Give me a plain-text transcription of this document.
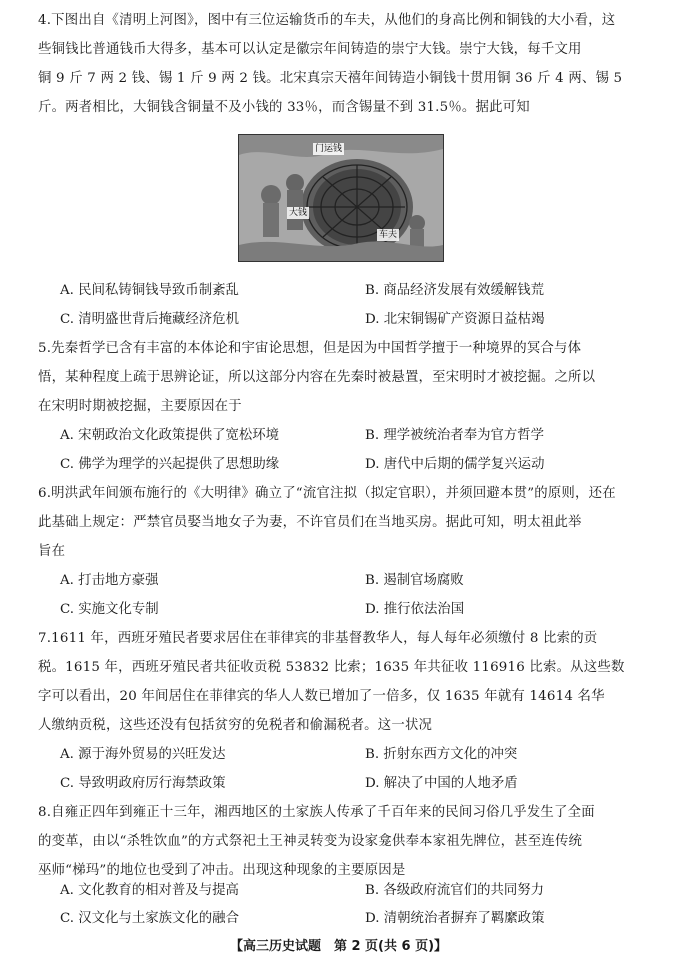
4.下图出自《清明上河图》，图中有三位运输货币的车夫，从他们的身高比例和铜钱的大小看，这
些铜钱比普通钱币大得多，基本可以认定是徽宗年间铸造的崇宁大钱。崇宁大钱，每千文用
铜 9 斤 7 两 2 钱、锡 1 斤 9 两 2 钱。北宋真宗天禧年间铸造小铜钱十贯用铜 36 斤 4 两、锡 5
斤。两者相比，大铜钱含铜量不及小钱的 33％，而含锡量不到 31.5％。据此可知
门运钱
大钱
车夫
A. 民间私铸铜钱导致币制紊乱	B. 商品经济发展有效缓解钱荒
C. 清明盛世背后掩藏经济危机	D. 北宋铜锡矿产资源日益枯竭
5.先秦哲学已含有丰富的本体论和宇宙论思想，但是因为中国哲学擅于一种境界的冥合与体
悟，某种程度上疏于思辨论证，所以这部分内容在先秦时被悬置，至宋明时才被挖掘。之所以
在宋明时期被挖掘，主要原因在于
A. 宋朝政治文化政策提供了宽松环境	B. 理学被统治者奉为官方哲学
C. 佛学为理学的兴起提供了思想助缘	D. 唐代中后期的儒学复兴运动
6.明洪武年间颁布施行的《大明律》确立了“流官注拟（拟定官职），并须回避本贯”的原则，还在
此基础上规定：严禁官员娶当地女子为妻，不许官员们在当地买房。据此可知，明太祖此举
旨在
A. 打击地方豪强	B. 遏制官场腐败
C. 实施文化专制	D. 推行依法治国
7.1611 年，西班牙殖民者要求居住在菲律宾的非基督教华人，每人每年必须缴付 8 比索的贡
税。1615 年，西班牙殖民者共征收贡税 53832 比索；1635 年共征收 116916 比索。从这些数
字可以看出，20 年间居住在菲律宾的华人人数已增加了一倍多，仅 1635 年就有 14614 名华
人缴纳贡税，这些还没有包括贫穷的免税者和偷漏税者。这一状况
A. 源于海外贸易的兴旺发达	B. 折射东西方文化的冲突
C. 导致明政府厉行海禁政策	D. 解决了中国的人地矛盾
8.自雍正四年到雍正十三年，湘西地区的土家族人传承了千百年来的民间习俗几乎发生了全面
的变革，由以“杀牲饮血”的方式祭祀土王神灵转变为设家龛供奉本家祖先牌位，甚至连传统
巫师“梯玛”的地位也受到了冲击。出现这种现象的主要原因是
A. 文化教育的相对普及与提高	B. 各级政府流官们的共同努力
C. 汉文化与土家族文化的融合	D. 清朝统治者摒弃了羁縻政策
【高三历史试题　第 2 页(共 6 页)】
